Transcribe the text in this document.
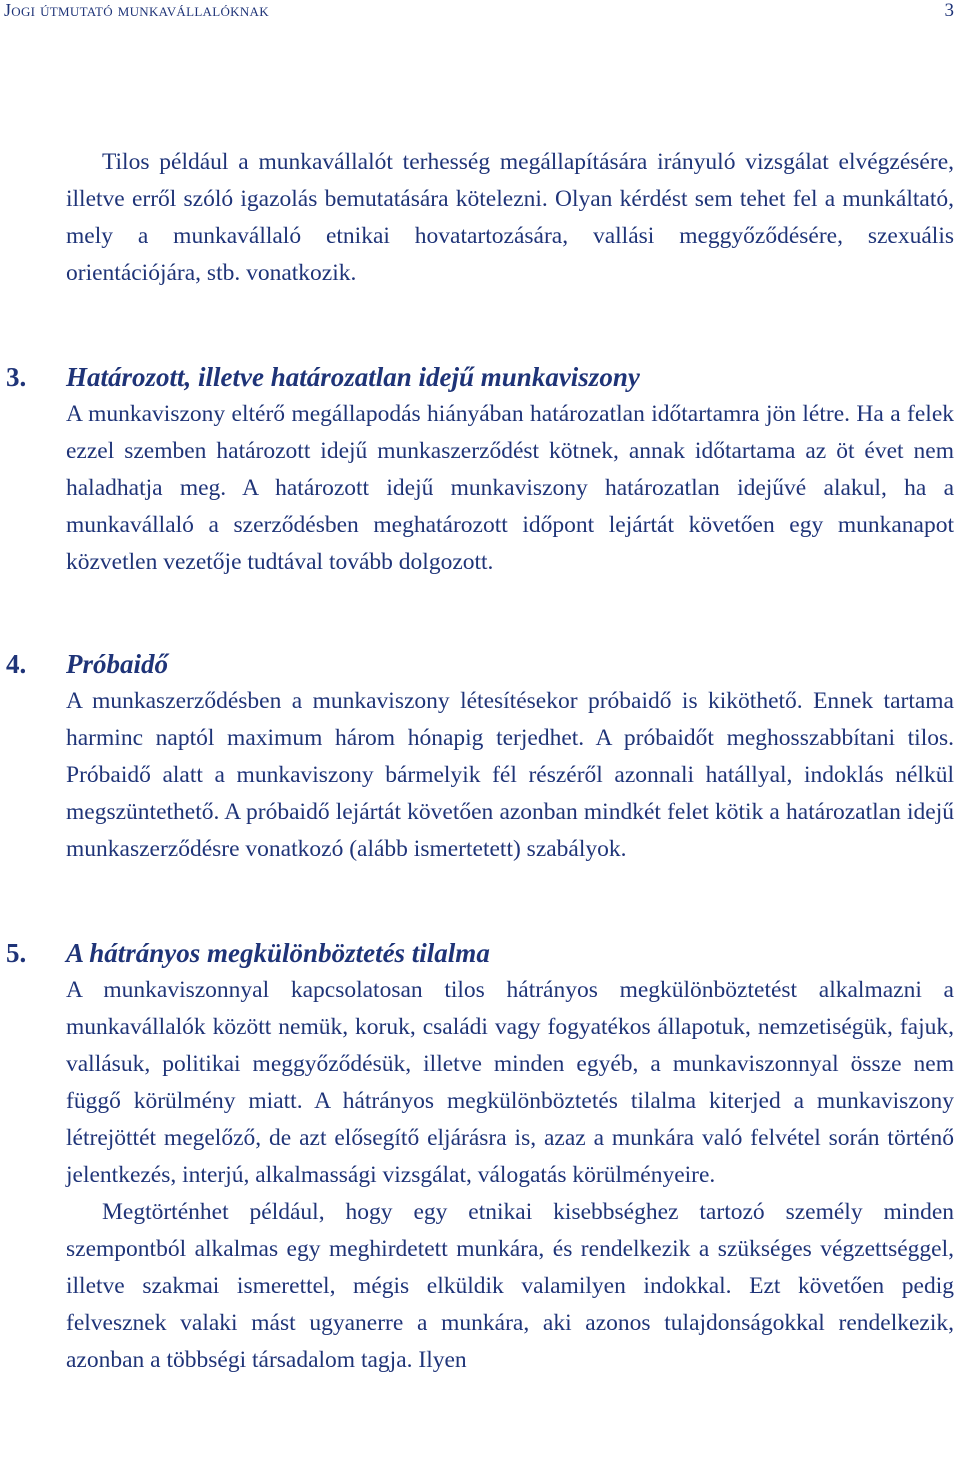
Jogi útmutató munkavállalóknak	3

Tilos például a munkavállalót terhesség megállapítására irányuló vizsgálat elvégzésére, illetve erről szóló igazolás bemutatására kötelezni. Olyan kérdést sem tehet fel a munkáltató, mely a munkavállaló etnikai hovatartozására, vallási meggyőződésére, szexuális orientációjára, stb. vonatkozik.

3. Határozott, illetve határozatlan idejű munkaviszony

A munkaviszony eltérő megállapodás hiányában határozatlan időtartamra jön létre. Ha a felek ezzel szemben határozott idejű munkaszerződést kötnek, annak időtartama az öt évet nem haladhatja meg. A határozott idejű munkaviszony határozatlan idejűvé alakul, ha a munkavállaló a szerződésben meghatározott időpont lejártát követően egy munkanapot közvetlen vezetője tudtával tovább dolgozott.

4. Próbaidő

A munkaszerződésben a munkaviszony létesítésekor próbaidő is kiköthető. Ennek tartama harminc naptól maximum három hónapig terjedhet. A próbaidőt meghosszabbítani tilos. Próbaidő alatt a munkaviszony bármelyik fél részéről azonnali hatállyal, indoklás nélkül megszüntethető. A próbaidő lejártát követően azonban mindkét felet kötik a határozatlan idejű munkaszerződésre vonatkozó (alább ismertetett) szabályok.

5. A hátrányos megkülönböztetés tilalma

A munkaviszonnyal kapcsolatosan tilos hátrányos megkülönböztetést alkalmazni a munkavállalók között nemük, koruk, családi vagy fogyatékos állapotuk, nemzetiségük, fajuk, vallásuk, politikai meggyőződésük, illetve minden egyéb, a munkaviszonnyal össze nem függő körülmény miatt. A hátrányos megkülönböztetés tilalma kiterjed a munkaviszony létrejöttét megelőző, de azt elősegítő eljárásra is, azaz a munkára való felvétel során történő jelentkezés, interjú, alkalmassági vizsgálat, válogatás körülményeire.

Megtörténhet például, hogy egy etnikai kisebbséghez tartozó személy minden szempontból alkalmas egy meghirdetett munkára, és rendelkezik a szükséges végzettséggel, illetve szakmai ismerettel, mégis elküldik valamilyen indokkal. Ezt követően pedig felvesznek valaki mást ugyanerre a munkára, aki azonos tulajdonságokkal rendelkezik, azonban a többségi társadalom tagja. Ilyen
